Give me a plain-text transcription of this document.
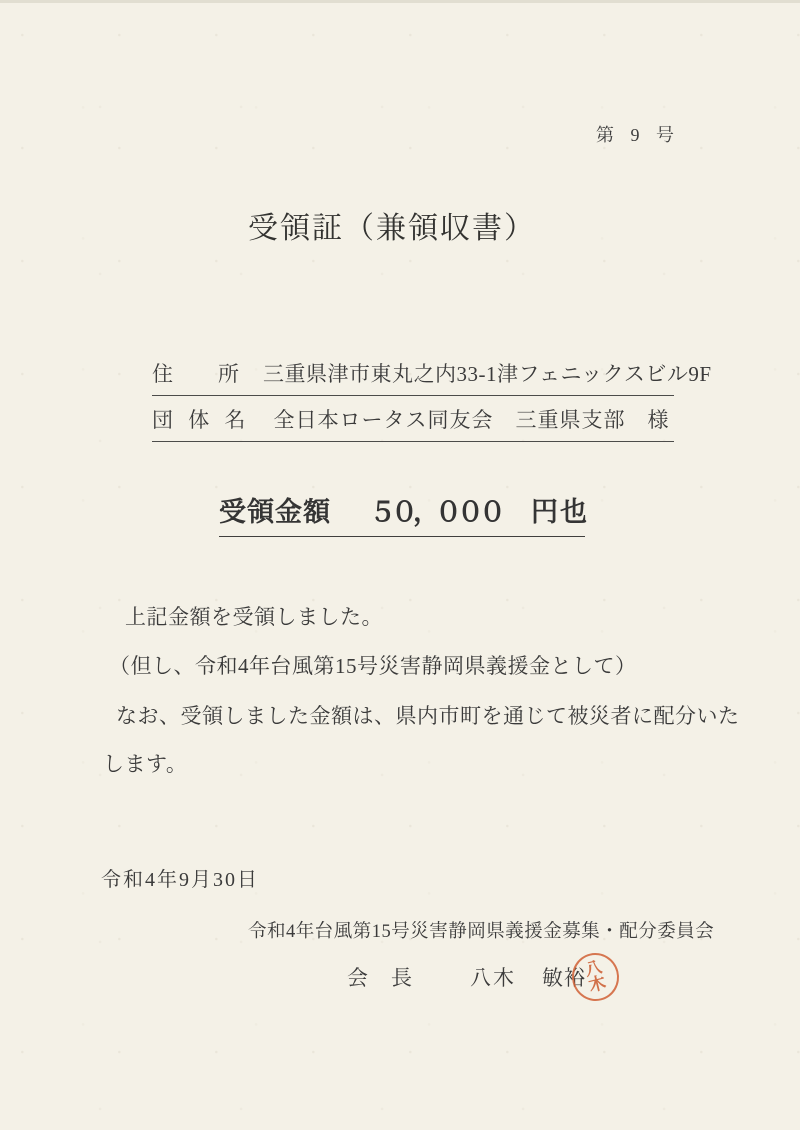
第 9 号
受領証（兼領収書）
住　　所 三重県津市東丸之内33-1津フェニックスビル9F
団 体 名 全日本ロータス同友会　三重県支部　様
受領金額 ５０，０００ 円也
上記金額を受領しました。
（但し、令和4年台風第15号災害静岡県義援金として）
なお、受領しました金額は、県内市町を通じて被災者に配分いた
します。
令和4年9月30日
令和4年台風第15号災害静岡県義援金募集・配分委員会
会　長	八木 敏裕
八
木
